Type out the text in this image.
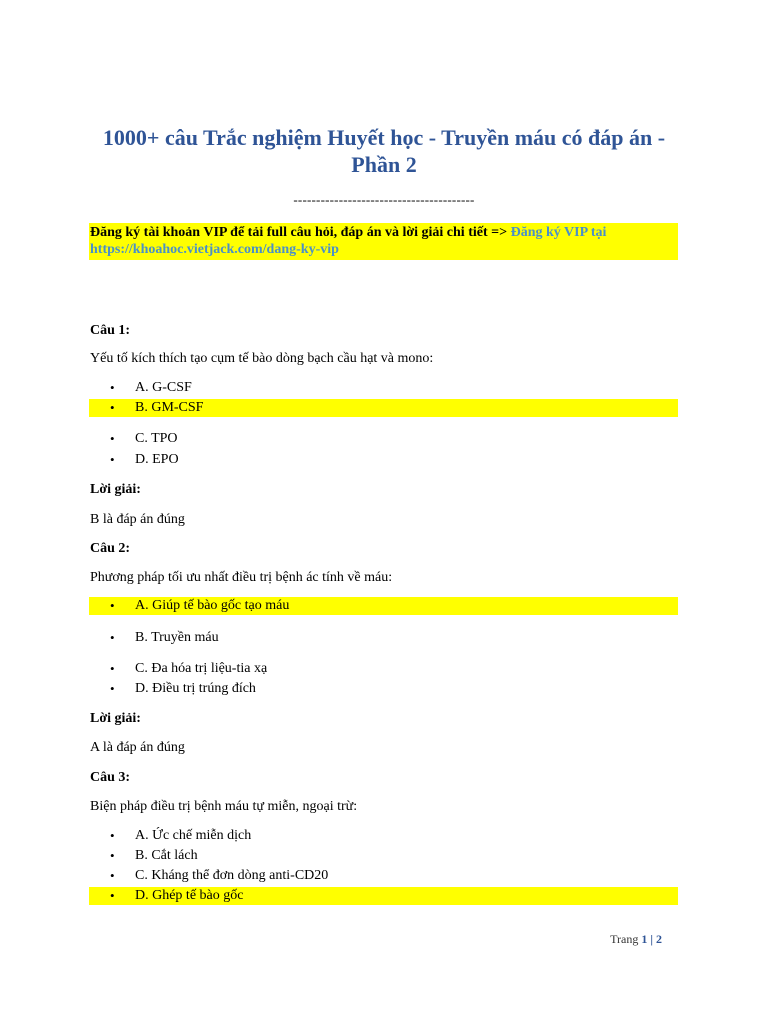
1000+ câu Trắc nghiệm Huyết học - Truyền máu có đáp án -
Phần 2

----------------------------------------

Đăng ký tài khoản VIP để tải full câu hỏi, đáp án và lời giải chi tiết => Đăng ký VIP tại
https://khoahoc.vietjack.com/dang-ky-vip

Câu 1:

Yếu tố kích thích tạo cụm tế bào dòng bạch cầu hạt và mono:

• A. G-CSF
• B. GM-CSF
• C. TPO
• D. EPO

Lời giải:

B là đáp án đúng

Câu 2:

Phương pháp tối ưu nhất điều trị bệnh ác tính về máu:

• A. Giúp tế bào gốc tạo máu
• B. Truyền máu
• C. Đa hóa trị liệu-tia xạ
• D. Điều trị trúng đích

Lời giải:

A là đáp án đúng

Câu 3:

Biện pháp điều trị bệnh máu tự miễn, ngoại trừ:

• A. Ức chế miễn dịch
• B. Cắt lách
• C. Kháng thể đơn dòng anti-CD20
• D. Ghép tế bào gốc

Trang 1 | 2
